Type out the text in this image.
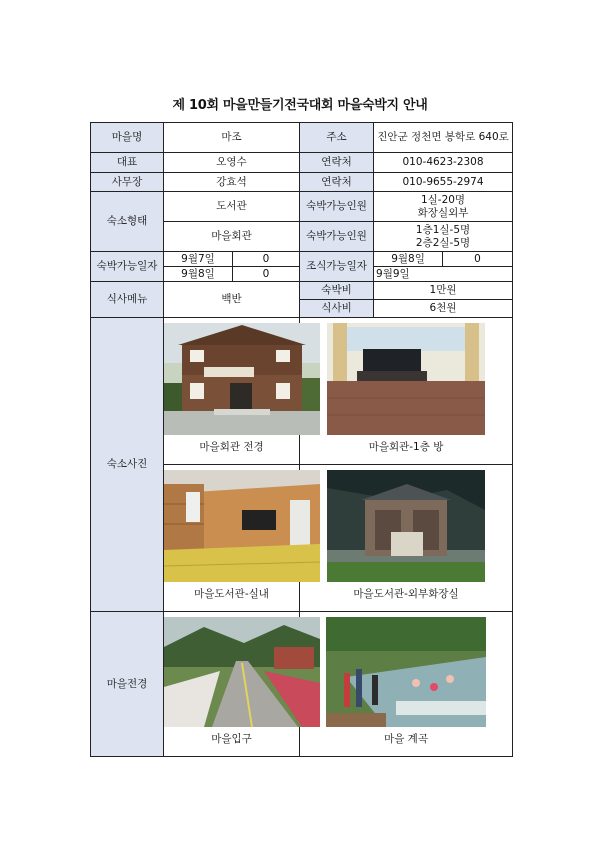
제 10회 마을만들기전국대회 마을숙박지 안내
마을명	마조		주소	진안군 정천면 봉학로 640로	
대표	오영수		연락처	010-4623-2308	
사무장	강효석		연락처	010-9655-2974	
숙소형태	도서관		숙박가능인원	1실-20명
화장실외부	

	마을회관		숙박가능인원	1층1실-5명
2층2실-5명	

숙박가능일자	9월7일	0	조식가능일자	9월8일	0
	9월8일	0		9월9일	
식사메뉴	백반		숙박비	1만원	
			식사비	6천원	
숙소사진	마을회관 전경		마을회관-1층 방		

	마을도서관-실내		마을도서관-외부화장실		

마을전경	마을입구		마을 계곡		
